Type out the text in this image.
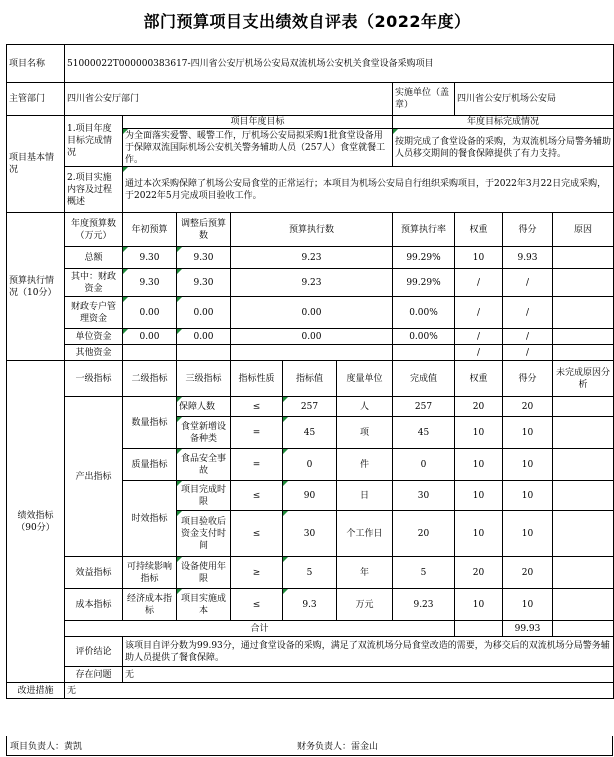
部门预算项目支出绩效自评表（2022年度）
项目名称	51000022T000000383617-四川省公安厅机场公安局双流机场公安机关食堂设备采购项目									
主管部门	四川省公安厅部门						实施单位（盖章）	四川省公安厅机场公安局		
项目基本情况	1.项目年度目标完成情况	项目年度目标					年度目标完成情况			
		为全面落实爱警、暖警工作，厅机场公安局拟采购1批食堂设备用于保障双流国际机场公安机关警务辅助人员（257人）食堂就餐工作。					按期完成了食堂设备的采购，为双流机场分局警务辅助人员移交期间的餐食保障提供了有力支持。			
	2.项目实施内容及过程概述	通过本次采购保障了机场公安局食堂的正常运行；本项目为机场公安局自行组织采购项目，于2022年3月22日完成采购，于2022年5月完成项目验收工作。								
预算执行情况（10分）	年度预算数（万元）	年初预算	调整后预算数	预算执行数			预算执行率	权重	得分	原因
	总额	9.30	9.30	9.23			99.29%	10	9.93	
	其中：财政资金	9.30	9.30	9.23			99.29%	/	/	
	财政专户管理资金	0.00	0.00	0.00			0.00%	/	/	
	单位资金	0.00	0.00	0.00			0.00%	/	/	
	其他资金							/	/	
绩效指标（90分）	一级指标	二级指标	三级指标	指标性质	指标值	度量单位	完成值	权重	得分	未完成原因分析
	产出指标	数量指标	保障人数	≤	257	人	257	20	20	
			食堂新增设备种类	=	45	项	45	10	10	
		质量指标	食品安全事故	=	0	件	0	10	10	
		时效指标	项目完成时限	≤	90	日	30	10	10	
			项目验收后资金支付时间	≤	30	个工作日	20	10	10	
	效益指标	可持续影响指标	设备使用年限	≥	5	年	5	20	20	
	成本指标	经济成本指标	项目实施成本	≤	9.3	万元	9.23	10	10	
	合计								99.93	
	评价结论	该项目自评分数为99.93分，通过食堂设备的采购，满足了双流机场分局食堂改造的需要，为移交后的双流机场分局警务辅助人员提供了餐食保障。								
	存在问题	无								
改进措施	无									
项目负责人：黄凯	财务负责人：雷金山
